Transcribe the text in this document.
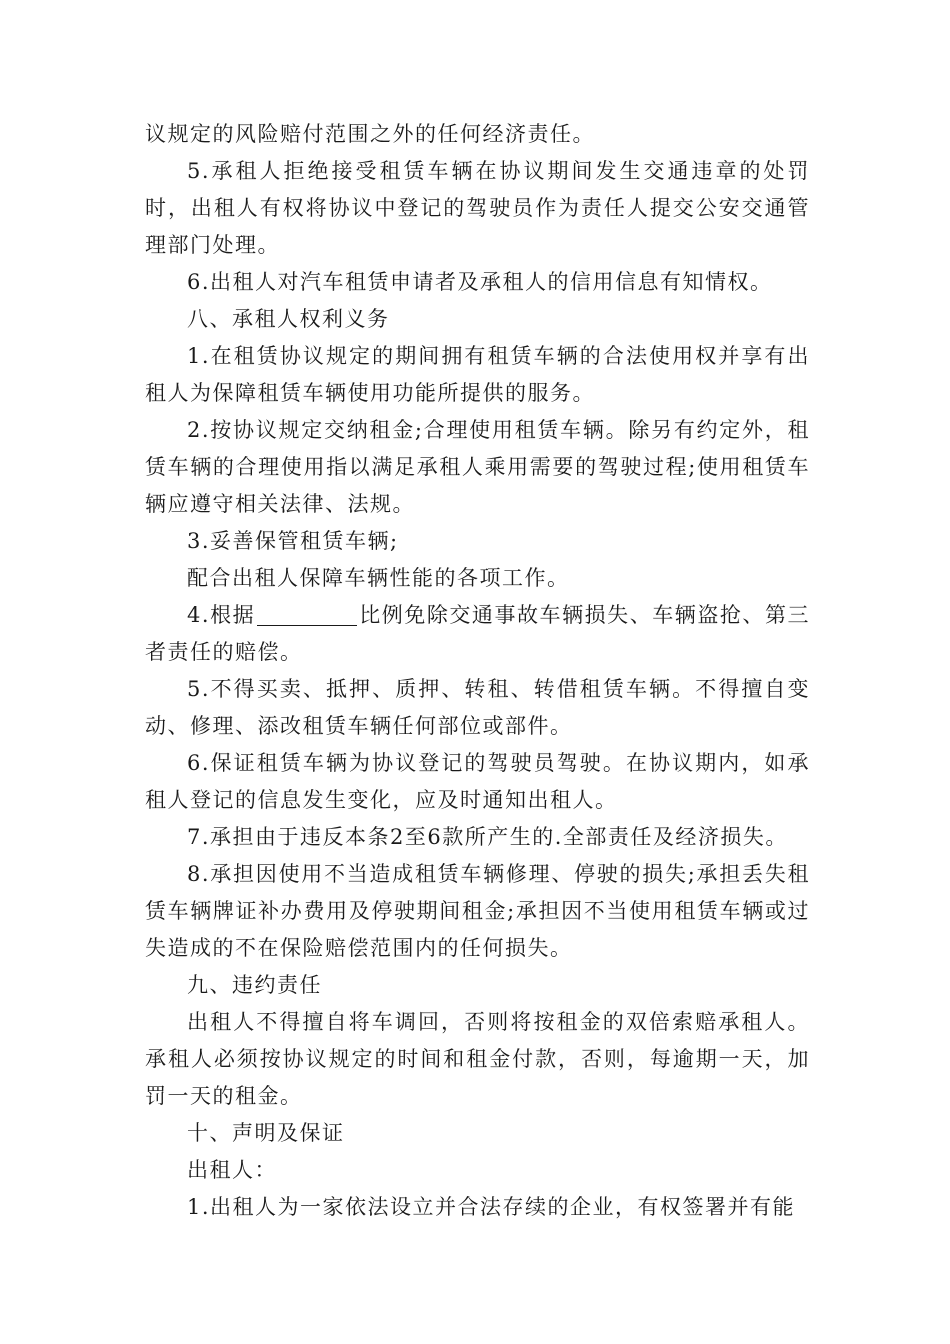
议规定的风险赔付范围之外的任何经济责任。

5.承租人拒绝接受租赁车辆在协议期间发生交通违章的处罚时，出租人有权将协议中登记的驾驶员作为责任人提交公安交通管理部门处理。

6.出租人对汽车租赁申请者及承租人的信用信息有知情权。

八、承租人权利义务

1.在租赁协议规定的期间拥有租赁车辆的合法使用权并享有出租人为保障租赁车辆使用功能所提供的服务。

2.按协议规定交纳租金;合理使用租赁车辆。除另有约定外，租赁车辆的合理使用指以满足承租人乘用需要的驾驶过程;使用租赁车辆应遵守相关法律、法规。

3.妥善保管租赁车辆;

配合出租人保障车辆性能的各项工作。

4.根据	比例免除交通事故车辆损失、车辆盗抢、第三者责任的赔偿。

5.不得买卖、抵押、质押、转租、转借租赁车辆。不得擅自变动、修理、添改租赁车辆任何部位或部件。

6.保证租赁车辆为协议登记的驾驶员驾驶。在协议期内，如承租人登记的信息发生变化，应及时通知出租人。

7.承担由于违反本条2至6款所产生的.全部责任及经济损失。

8.承担因使用不当造成租赁车辆修理、停驶的损失;承担丢失租赁车辆牌证补办费用及停驶期间租金;承担因不当使用租赁车辆或过失造成的不在保险赔偿范围内的任何损失。

九、违约责任

出租人不得擅自将车调回，否则将按租金的双倍索赔承租人。承租人必须按协议规定的时间和租金付款，否则，每逾期一天，加罚一天的租金。

十、声明及保证

出租人：

1.出租人为一家依法设立并合法存续的企业，有权签署并有能
